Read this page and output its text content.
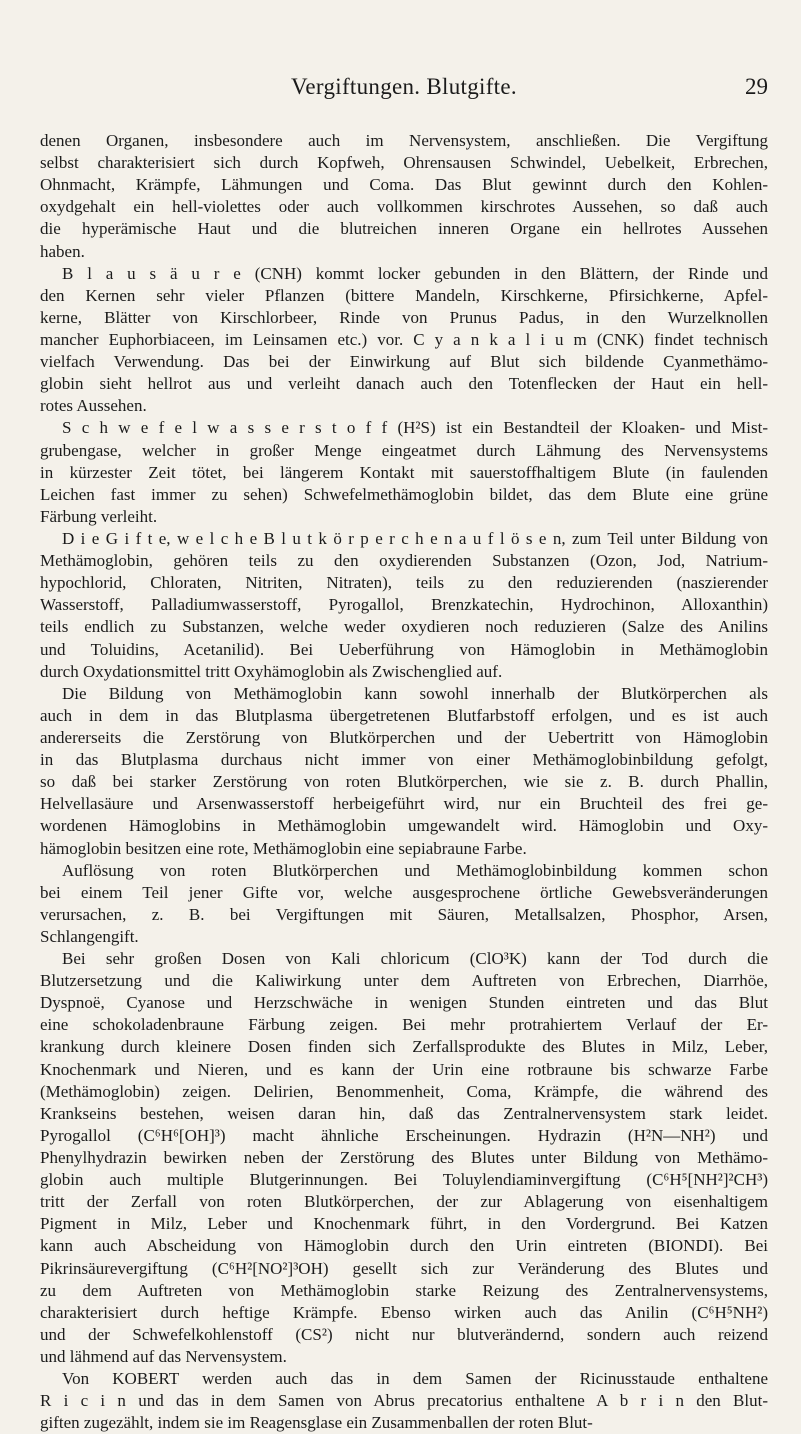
Vergiftungen. Blutgifte.	29
denen Organen, insbesondere auch im Nervensystem, anschließen. Die Vergiftung
selbst charakterisiert sich durch Kopfweh, Ohrensausen Schwindel, Uebelkeit, Erbrechen,
Ohnmacht, Krämpfe, Lähmungen und Coma. Das Blut gewinnt durch den Kohlen-
oxydgehalt ein hell-violettes oder auch vollkommen kirschrotes Aussehen, so daß auch
die hyperämische Haut und die blutreichen inneren Organe ein hellrotes Aussehen
haben.
B l a u s ä u r e (CNH) kommt locker gebunden in den Blättern, der Rinde und
den Kernen sehr vieler Pflanzen (bittere Mandeln, Kirschkerne, Pfirsichkerne, Apfel-
kerne, Blätter von Kirschlorbeer, Rinde von Prunus Padus, in den Wurzelknollen
mancher Euphorbiaceen, im Leinsamen etc.) vor. C y a n k a l i u m (CNK) findet technisch
vielfach Verwendung. Das bei der Einwirkung auf Blut sich bildende Cyanmethämo-
globin sieht hellrot aus und verleiht danach auch den Totenflecken der Haut ein hell-
rotes Aussehen.
S c h w e f e l w a s s e r s t o f f (H²S) ist ein Bestandteil der Kloaken- und Mist-
grubengase, welcher in großer Menge eingeatmet durch Lähmung des Nervensystems
in kürzester Zeit tötet, bei längerem Kontakt mit sauerstoffhaltigem Blute (in faulenden
Leichen fast immer zu sehen) Schwefelmethämoglobin bildet, das dem Blute eine grüne
Färbung verleiht.
D i e G i f t e, w e l c h e B l u t k ö r p e r c h e n a u f l ö s e n, zum Teil unter Bildung von
Methämoglobin, gehören teils zu den oxydierenden Substanzen (Ozon, Jod, Natrium-
hypochlorid, Chloraten, Nitriten, Nitraten), teils zu den reduzierenden (naszierender
Wasserstoff, Palladiumwasserstoff, Pyrogallol, Brenzkatechin, Hydrochinon, Alloxanthin)
teils endlich zu Substanzen, welche weder oxydieren noch reduzieren (Salze des Anilins
und Toluidins, Acetanilid). Bei Ueberführung von Hämoglobin in Methämoglobin
durch Oxydationsmittel tritt Oxyhämoglobin als Zwischenglied auf.
Die Bildung von Methämoglobin kann sowohl innerhalb der Blutkörperchen als
auch in dem in das Blutplasma übergetretenen Blutfarbstoff erfolgen, und es ist auch
andererseits die Zerstörung von Blutkörperchen und der Uebertritt von Hämoglobin
in das Blutplasma durchaus nicht immer von einer Methämoglobinbildung gefolgt,
so daß bei starker Zerstörung von roten Blutkörperchen, wie sie z. B. durch Phallin,
Helvellasäure und Arsenwasserstoff herbeigeführt wird, nur ein Bruchteil des frei ge-
wordenen Hämoglobins in Methämoglobin umgewandelt wird. Hämoglobin und Oxy-
hämoglobin besitzen eine rote, Methämoglobin eine sepiabraune Farbe.
Auflösung von roten Blutkörperchen und Methämoglobinbildung kommen schon
bei einem Teil jener Gifte vor, welche ausgesprochene örtliche Gewebsveränderungen
verursachen, z. B. bei Vergiftungen mit Säuren, Metallsalzen, Phosphor, Arsen,
Schlangengift.
Bei sehr großen Dosen von Kali chloricum (ClO³K) kann der Tod durch die
Blutzersetzung und die Kaliwirkung unter dem Auftreten von Erbrechen, Diarrhöe,
Dyspnoë, Cyanose und Herzschwäche in wenigen Stunden eintreten und das Blut
eine schokoladenbraune Färbung zeigen. Bei mehr protrahiertem Verlauf der Er-
krankung durch kleinere Dosen finden sich Zerfallsprodukte des Blutes in Milz, Leber,
Knochenmark und Nieren, und es kann der Urin eine rotbraune bis schwarze Farbe
(Methämoglobin) zeigen. Delirien, Benommenheit, Coma, Krämpfe, die während des
Krankseins bestehen, weisen daran hin, daß das Zentralnervensystem stark leidet.
Pyrogallol (C⁶H⁶[OH]³) macht ähnliche Erscheinungen. Hydrazin (H²N—NH²) und
Phenylhydrazin bewirken neben der Zerstörung des Blutes unter Bildung von Methämo-
globin auch multiple Blutgerinnungen. Bei Toluylendiaminvergiftung (C⁶H⁵[NH²]²CH³)
tritt der Zerfall von roten Blutkörperchen, der zur Ablagerung von eisenhaltigem
Pigment in Milz, Leber und Knochenmark führt, in den Vordergrund. Bei Katzen
kann auch Abscheidung von Hämoglobin durch den Urin eintreten (BIONDI). Bei
Pikrinsäurevergiftung (C⁶H²[NO²]³OH) gesellt sich zur Veränderung des Blutes und
zu dem Auftreten von Methämoglobin starke Reizung des Zentralnervensystems,
charakterisiert durch heftige Krämpfe. Ebenso wirken auch das Anilin (C⁶H⁵NH²)
und der Schwefelkohlenstoff (CS²) nicht nur blutverändernd, sondern auch reizend
und lähmend auf das Nervensystem.
Von KOBERT werden auch das in dem Samen der Ricinusstaude enthaltene
R i c i n und das in dem Samen von Abrus precatorius enthaltene A b r i n den Blut-
giften zugezählt, indem sie im Reagensglase ein Zusammenballen der roten Blut-
